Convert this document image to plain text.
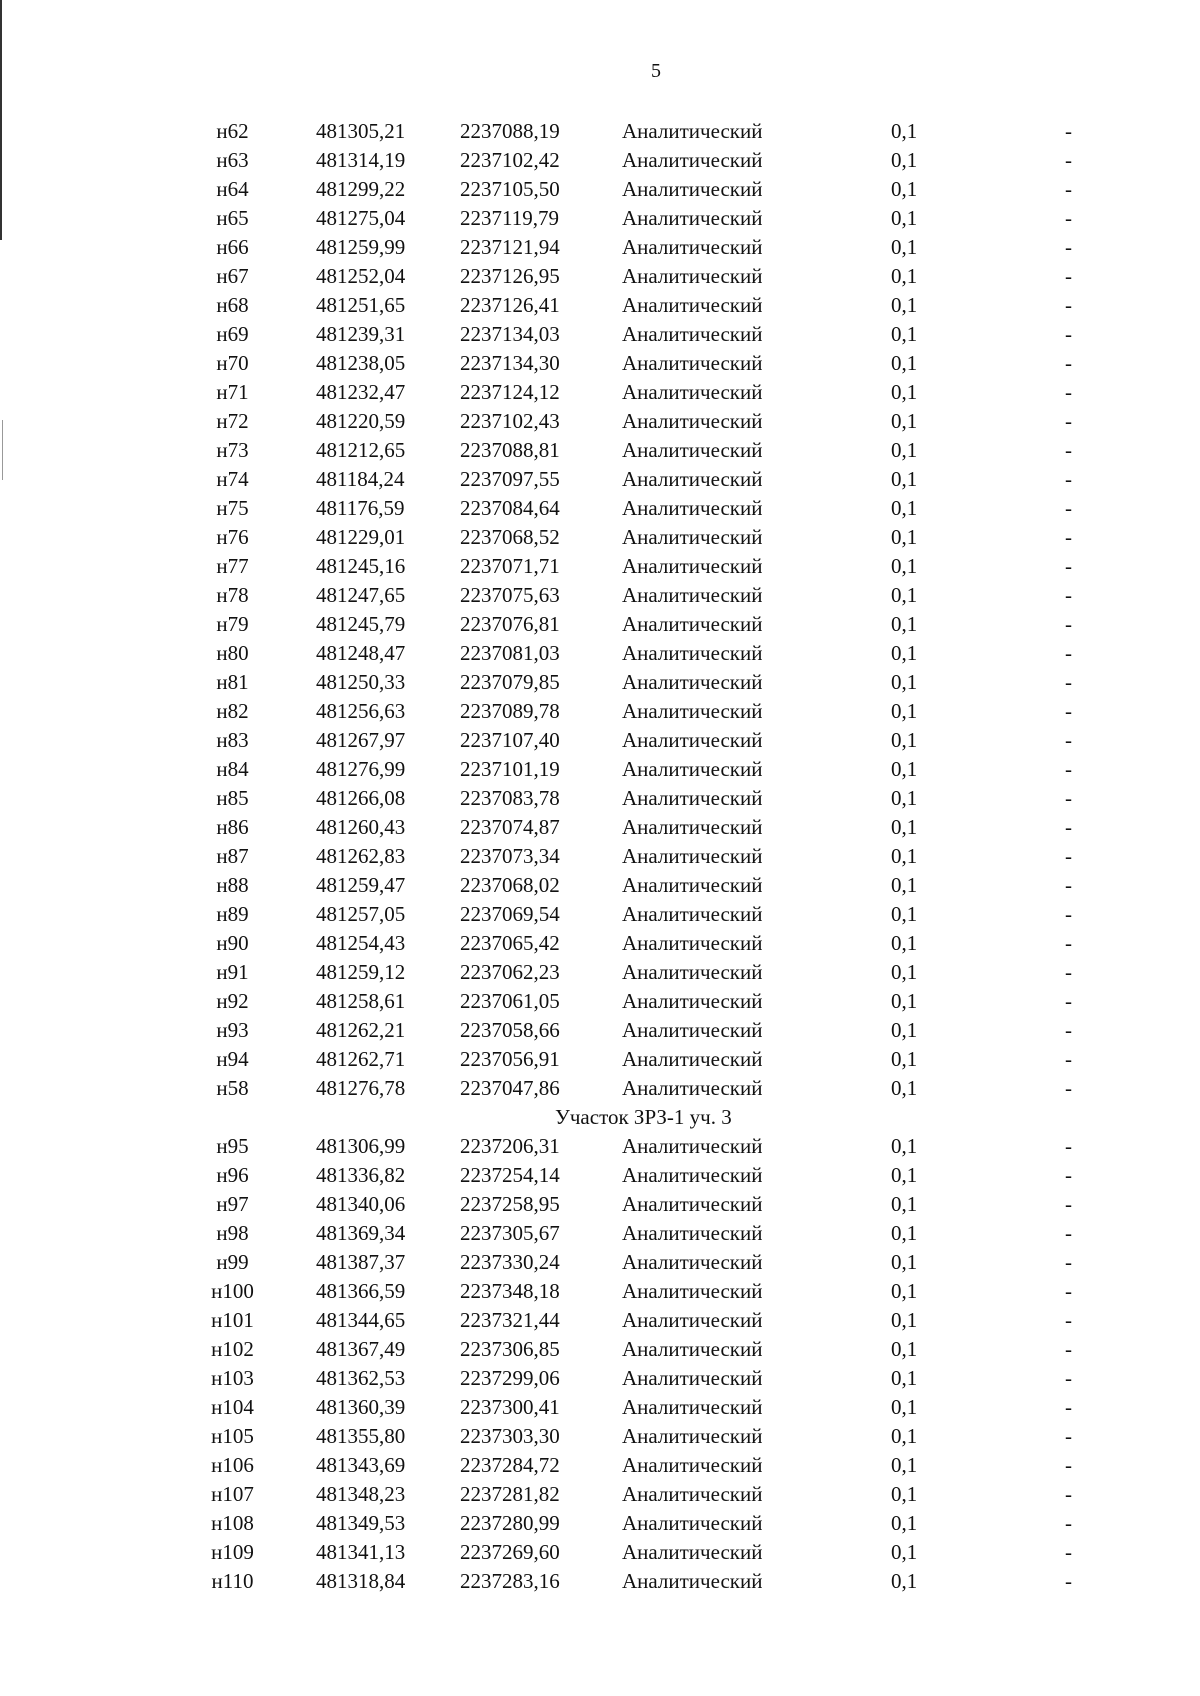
5
н62	481305,21	2237088,19	Аналитический	0,1	-
н63	481314,19	2237102,42	Аналитический	0,1	-
н64	481299,22	2237105,50	Аналитический	0,1	-
н65	481275,04	2237119,79	Аналитический	0,1	-
н66	481259,99	2237121,94	Аналитический	0,1	-
н67	481252,04	2237126,95	Аналитический	0,1	-
н68	481251,65	2237126,41	Аналитический	0,1	-
н69	481239,31	2237134,03	Аналитический	0,1	-
н70	481238,05	2237134,30	Аналитический	0,1	-
н71	481232,47	2237124,12	Аналитический	0,1	-
н72	481220,59	2237102,43	Аналитический	0,1	-
н73	481212,65	2237088,81	Аналитический	0,1	-
н74	481184,24	2237097,55	Аналитический	0,1	-
н75	481176,59	2237084,64	Аналитический	0,1	-
н76	481229,01	2237068,52	Аналитический	0,1	-
н77	481245,16	2237071,71	Аналитический	0,1	-
н78	481247,65	2237075,63	Аналитический	0,1	-
н79	481245,79	2237076,81	Аналитический	0,1	-
н80	481248,47	2237081,03	Аналитический	0,1	-
н81	481250,33	2237079,85	Аналитический	0,1	-
н82	481256,63	2237089,78	Аналитический	0,1	-
н83	481267,97	2237107,40	Аналитический	0,1	-
н84	481276,99	2237101,19	Аналитический	0,1	-
н85	481266,08	2237083,78	Аналитический	0,1	-
н86	481260,43	2237074,87	Аналитический	0,1	-
н87	481262,83	2237073,34	Аналитический	0,1	-
н88	481259,47	2237068,02	Аналитический	0,1	-
н89	481257,05	2237069,54	Аналитический	0,1	-
н90	481254,43	2237065,42	Аналитический	0,1	-
н91	481259,12	2237062,23	Аналитический	0,1	-
н92	481258,61	2237061,05	Аналитический	0,1	-
н93	481262,21	2237058,66	Аналитический	0,1	-
н94	481262,71	2237056,91	Аналитический	0,1	-
н58	481276,78	2237047,86	Аналитический	0,1	-
Участок ЗРЗ-1 уч. 3
н95	481306,99	2237206,31	Аналитический	0,1	-
н96	481336,82	2237254,14	Аналитический	0,1	-
н97	481340,06	2237258,95	Аналитический	0,1	-
н98	481369,34	2237305,67	Аналитический	0,1	-
н99	481387,37	2237330,24	Аналитический	0,1	-
н100	481366,59	2237348,18	Аналитический	0,1	-
н101	481344,65	2237321,44	Аналитический	0,1	-
н102	481367,49	2237306,85	Аналитический	0,1	-
н103	481362,53	2237299,06	Аналитический	0,1	-
н104	481360,39	2237300,41	Аналитический	0,1	-
н105	481355,80	2237303,30	Аналитический	0,1	-
н106	481343,69	2237284,72	Аналитический	0,1	-
н107	481348,23	2237281,82	Аналитический	0,1	-
н108	481349,53	2237280,99	Аналитический	0,1	-
н109	481341,13	2237269,60	Аналитический	0,1	-
н110	481318,84	2237283,16	Аналитический	0,1	-
